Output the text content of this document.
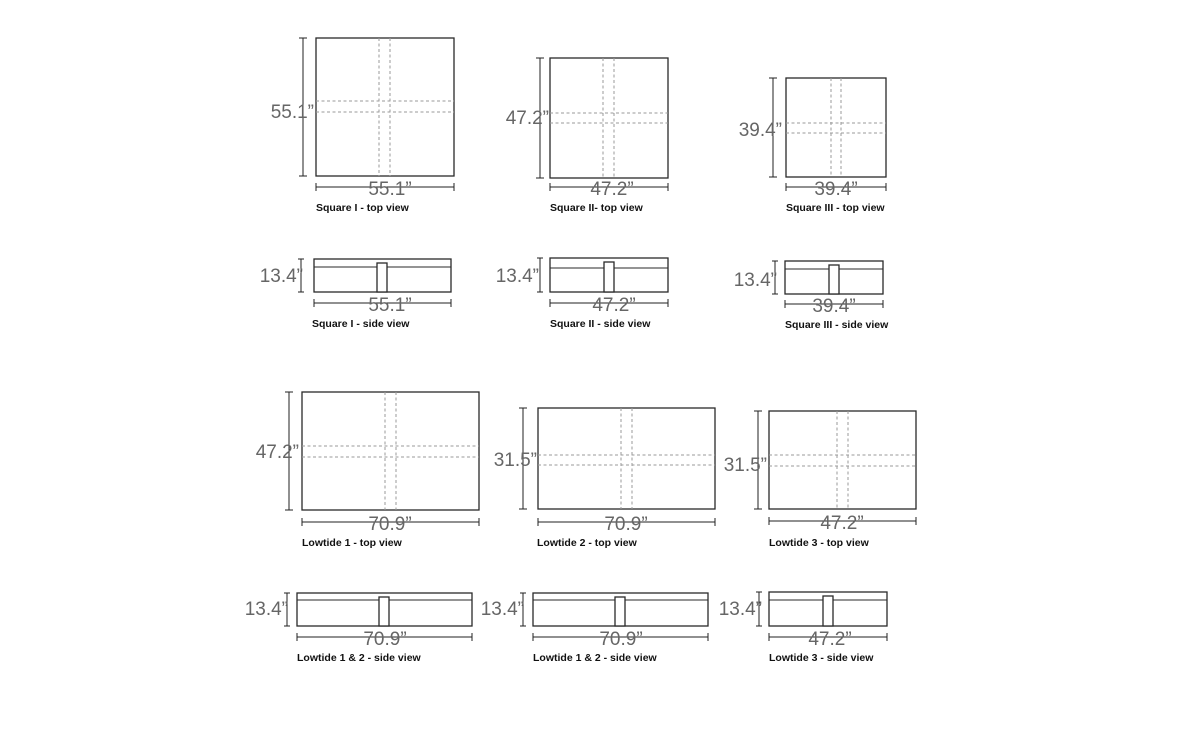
55.1”
55.1”
Square I - top view
47.2”
47.2”
Square II- top view
39.4”
39.4”
Square III - top view
13.4”
55.1”
Square I - side view
13.4”
47.2”
Square II - side view
13.4”
39.4”
Square III - side view
47.2”
70.9”
Lowtide 1 - top view
31.5”
70.9”
Lowtide 2 - top view
31.5”
47.2”
Lowtide 3 - top view
13.4”
70.9”
Lowtide 1 & 2 - side view
13.4”
70.9”
Lowtide 1 & 2 - side view
13.4”
47.2”
Lowtide 3 - side view
